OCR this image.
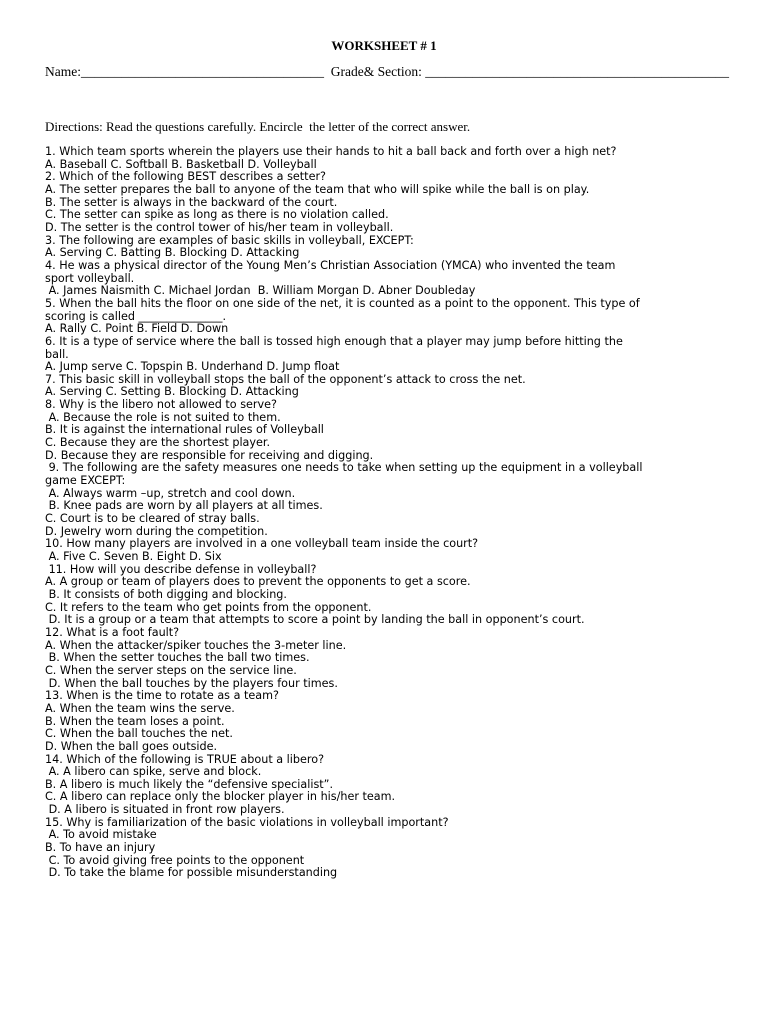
WORKSHEET # 1
Name:____________________________________  Grade& Section: _____________________________________________
Directions: Read the questions carefully. Encircle  the letter of the correct answer.
1. Which team sports wherein the players use their hands to hit a ball back and forth over a high net?
A. Baseball C. Softball B. Basketball D. Volleyball
2. Which of the following BEST describes a setter?
A. The setter prepares the ball to anyone of the team that who will spike while the ball is on play.
B. The setter is always in the backward of the court.
C. The setter can spike as long as there is no violation called.
D. The setter is the control tower of his/her team in volleyball.
3. The following are examples of basic skills in volleyball, EXCEPT:
A. Serving C. Batting B. Blocking D. Attacking
4. He was a physical director of the Young Men’s Christian Association (YMCA) who invented the team
sport volleyball.
A. James Naismith C. Michael Jordan  B. William Morgan D. Abner Doubleday
5. When the ball hits the floor on one side of the net, it is counted as a point to the opponent. This type of
scoring is called _______________.
A. Rally C. Point B. Field D. Down
6. It is a type of service where the ball is tossed high enough that a player may jump before hitting the
ball.
A. Jump serve C. Topspin B. Underhand D. Jump float
7. This basic skill in volleyball stops the ball of the opponent’s attack to cross the net.
A. Serving C. Setting B. Blocking D. Attacking
8. Why is the libero not allowed to serve?
A. Because the role is not suited to them.
B. It is against the international rules of Volleyball
C. Because they are the shortest player.
D. Because they are responsible for receiving and digging.
9. The following are the safety measures one needs to take when setting up the equipment in a volleyball
game EXCEPT:
A. Always warm –up, stretch and cool down.
B. Knee pads are worn by all players at all times.
C. Court is to be cleared of stray balls.
D. Jewelry worn during the competition.
10. How many players are involved in a one volleyball team inside the court?
A. Five C. Seven B. Eight D. Six
11. How will you describe defense in volleyball?
A. A group or team of players does to prevent the opponents to get a score.
B. It consists of both digging and blocking.
C. It refers to the team who get points from the opponent.
D. It is a group or a team that attempts to score a point by landing the ball in opponent’s court.
12. What is a foot fault?
A. When the attacker/spiker touches the 3-meter line.
B. When the setter touches the ball two times.
C. When the server steps on the service line.
D. When the ball touches by the players four times.
13. When is the time to rotate as a team?
A. When the team wins the serve.
B. When the team loses a point.
C. When the ball touches the net.
D. When the ball goes outside.
14. Which of the following is TRUE about a libero?
A. A libero can spike, serve and block.
B. A libero is much likely the “defensive specialist”.
C. A libero can replace only the blocker player in his/her team.
D. A libero is situated in front row players.
15. Why is familiarization of the basic violations in volleyball important?
A. To avoid mistake
B. To have an injury
C. To avoid giving free points to the opponent
D. To take the blame for possible misunderstanding
